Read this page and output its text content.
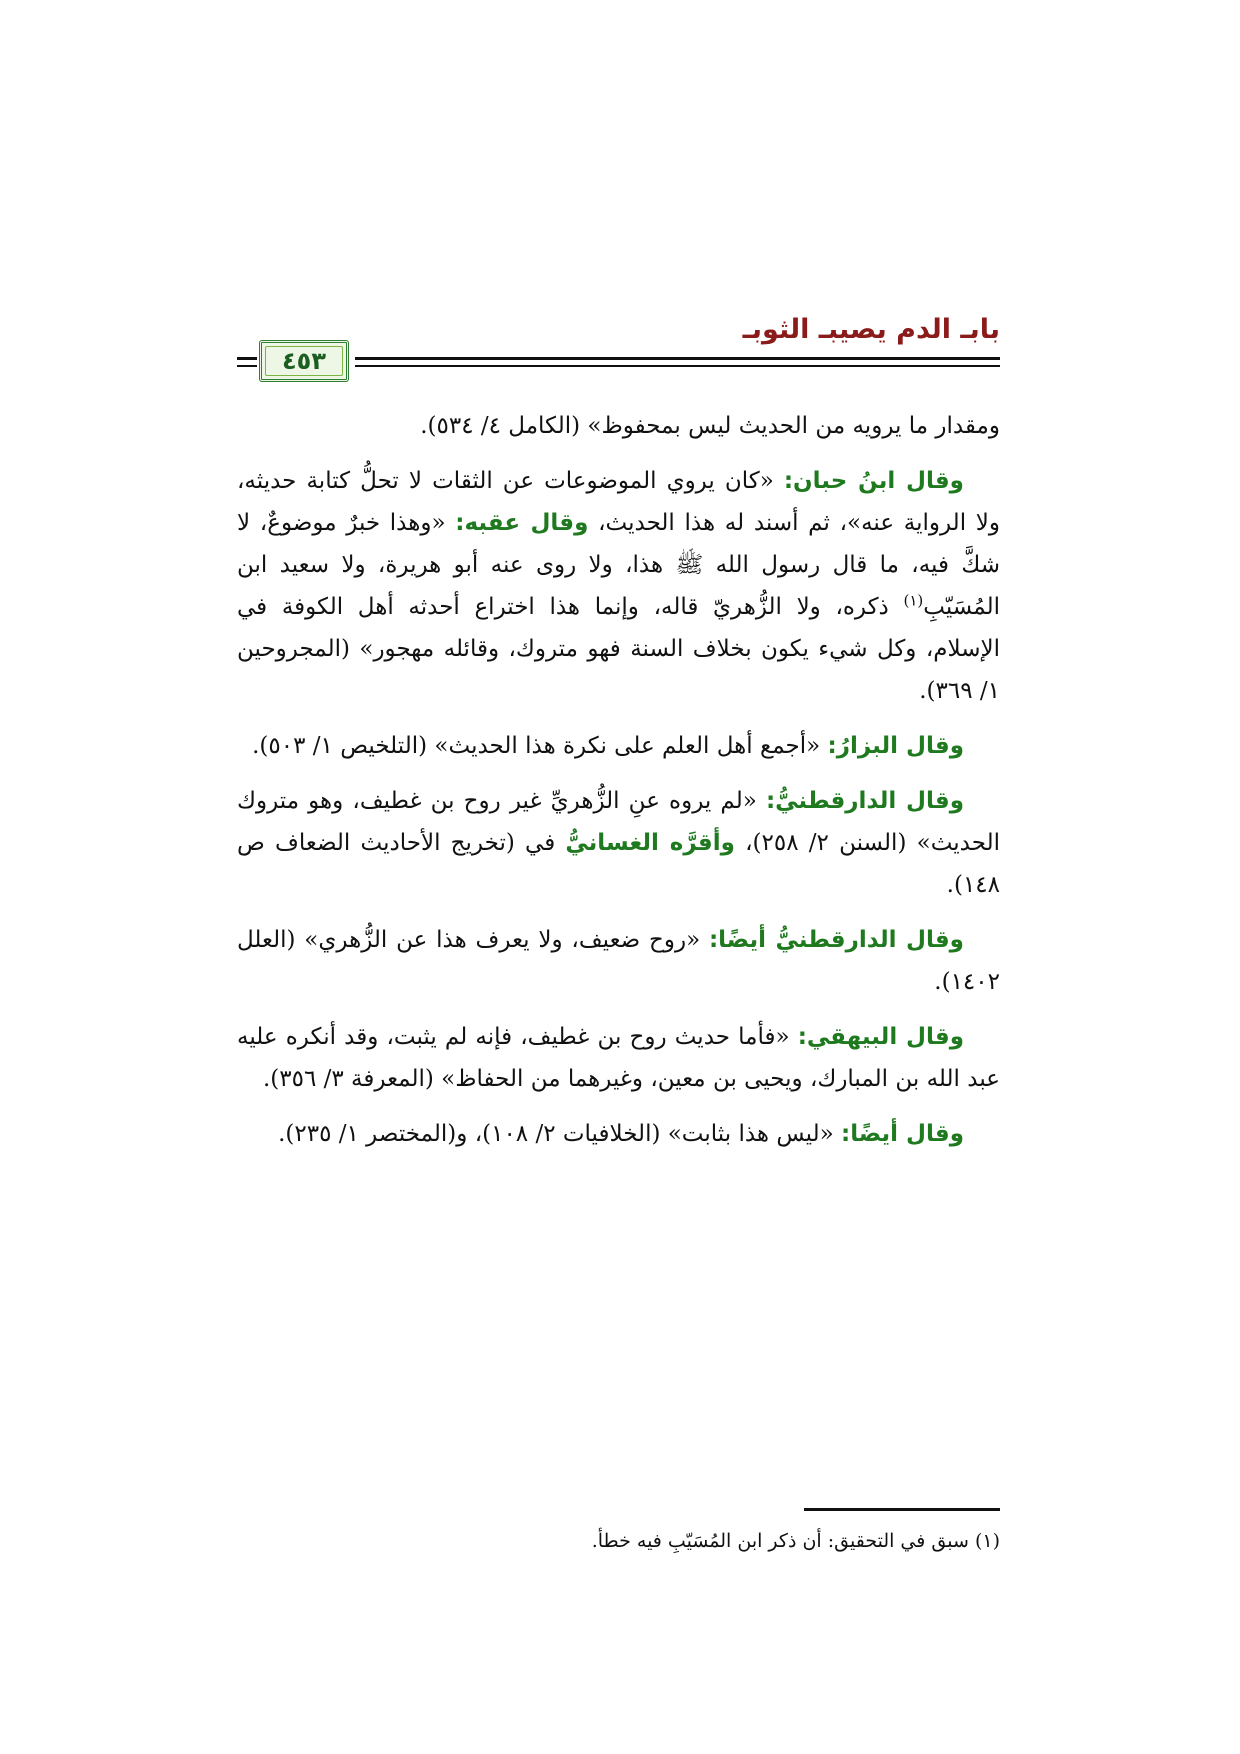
بابـ الدم يصيبـ الثوبـ
٤٥٣

ومقدار ما يرويه من الحديث ليس بمحفوظ» (الكامل ٤/ ٥٣٤).

وقال ابنُ حبان: «كان يروي الموضوعات عن الثقات لا تحلُّ كتابة حديثه، ولا الرواية عنه»، ثم أسند له هذا الحديث، وقال عقبه: «وهذا خبرٌ موضوعٌ، لا شكَّ فيه، ما قال رسول الله ﷺ هذا، ولا روى عنه أبو هريرة، ولا سعيد ابن المُسَيّبِ$^{(١)}$ ذكره، ولا الزُّهريّ قاله، وإنما هذا اختراع أحدثه أهل الكوفة في الإسلام، وكل شيء يكون بخلاف السنة فهو متروك، وقائله مهجور» (المجروحين ١/ ٣٦٩).

وقال البزارُ: «أجمع أهل العلم على نكرة هذا الحديث» (التلخيص ١/ ٥٠٣).

وقال الدارقطنيُّ: «لم يروه عنِ الزُّهريِّ غير روح بن غطيف، وهو متروك الحديث» (السنن ٢/ ٢٥٨)، وأقرَّه الغسانيُّ في (تخريج الأحاديث الضعاف ص ١٤٨).

وقال الدارقطنيُّ أيضًا: «روح ضعيف، ولا يعرف هذا عن الزُّهري» (العلل ١٤٠٢).

وقال البيهقي: «فأما حديث روح بن غطيف، فإنه لم يثبت، وقد أنكره عليه عبد الله بن المبارك، ويحيى بن معين، وغيرهما من الحفاظ» (المعرفة ٣/ ٣٥٦).

وقال أيضًا: «ليس هذا بثابت» (الخلافيات ٢/ ١٠٨)، و(المختصر ١/ ٢٣٥).

(١) سبق في التحقيق: أن ذكر ابن المُسَيّبِ فيه خطأ.
